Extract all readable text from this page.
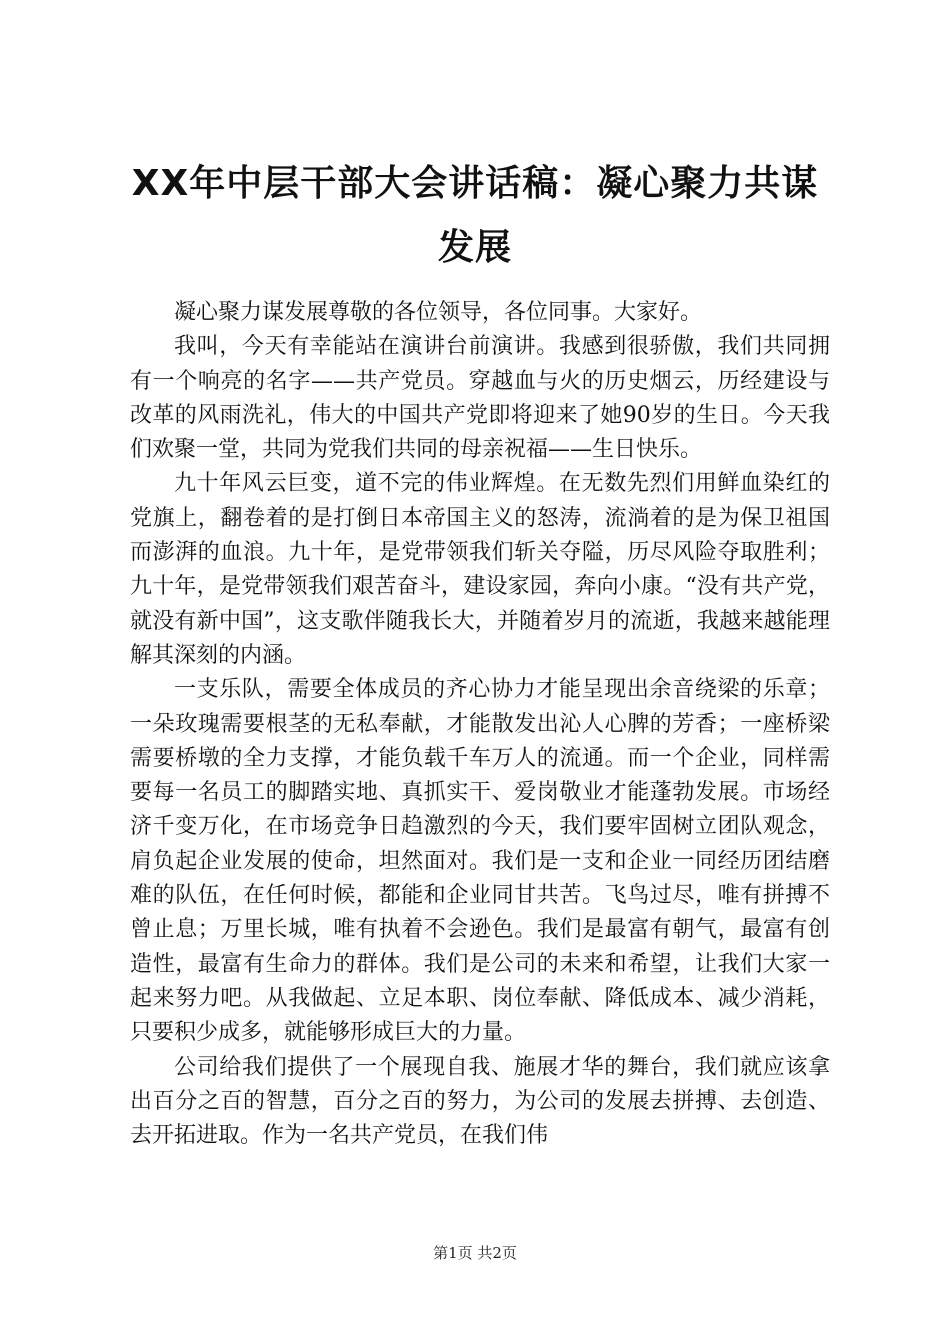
XX年中层干部大会讲话稿：凝心聚力共谋发展

凝心聚力谋发展尊敬的各位领导，各位同事。大家好。

我叫，今天有幸能站在演讲台前演讲。我感到很骄傲，我们共同拥有一个响亮的名字——共产党员。穿越血与火的历史烟云，历经建设与改革的风雨洗礼，伟大的中国共产党即将迎来了她90岁的生日。今天我们欢聚一堂，共同为党我们共同的母亲祝福——生日快乐。

九十年风云巨变，道不完的伟业辉煌。在无数先烈们用鲜血染红的党旗上，翻卷着的是打倒日本帝国主义的怒涛，流淌着的是为保卫祖国而澎湃的血浪。九十年，是党带领我们斩关夺隘，历尽风险夺取胜利；九十年，是党带领我们艰苦奋斗，建设家园，奔向小康。“没有共产党，就没有新中国”，这支歌伴随我长大，并随着岁月的流逝，我越来越能理解其深刻的内涵。

一支乐队，需要全体成员的齐心协力才能呈现出余音绕梁的乐章；一朵玫瑰需要根茎的无私奉献，才能散发出沁人心脾的芳香；一座桥梁需要桥墩的全力支撑，才能负载千车万人的流通。而一个企业，同样需要每一名员工的脚踏实地、真抓实干、爱岗敬业才能蓬勃发展。市场经济千变万化，在市场竞争日趋激烈的今天，我们要牢固树立团队观念，肩负起企业发展的使命，坦然面对。我们是一支和企业一同经历团结磨难的队伍，在任何时候，都能和企业同甘共苦。飞鸟过尽，唯有拼搏不曾止息；万里长城，唯有执着不会逊色。我们是最富有朝气，最富有创造性，最富有生命力的群体。我们是公司的未来和希望，让我们大家一起来努力吧。从我做起、立足本职、岗位奉献、降低成本、减少消耗，只要积少成多，就能够形成巨大的力量。

公司给我们提供了一个展现自我、施展才华的舞台，我们就应该拿出百分之百的智慧，百分之百的努力，为公司的发展去拼搏、去创造、去开拓进取。作为一名共产党员，在我们伟

第1页 共2页
